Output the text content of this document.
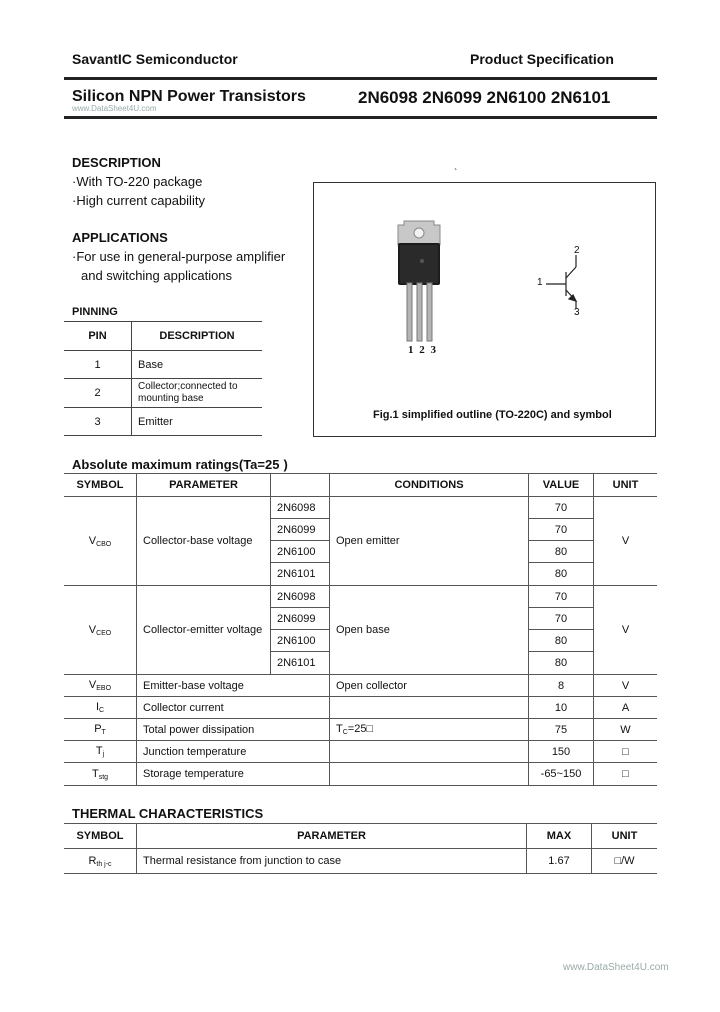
SavantIC Semiconductor	Product Specification
Silicon NPN Power Transistors	2N6098 2N6099 2N6100 2N6101
www.DataSheet4U.com
DESCRIPTION
·With TO-220 package
·High current capability
APPLICATIONS
·For use in general-purpose amplifier
and switching applications
PINNING
PIN	DESCRIPTION
1	Base
2	Collector;connected to mounting base
3	Emitter
`
2
1
3
1 2 3
Fig.1 simplified outline (TO-220C) and symbol
Absolute maximum ratings(Ta=25 )
SYMBOL	PARAMETER		CONDITIONS	VALUE	UNIT
$V_{CBO}$	Collector-base voltage	2N6098	Open emitter	70	V
		2N6099		70	
		2N6100		80	
		2N6101		80	
$V_{CEO}$	Collector-emitter voltage	2N6098	Open base	70	V
		2N6099		70	
		2N6100		80	
		2N6101		80	
$V_{EBO}$	Emitter-base voltage		Open collector	8	V
$I_C$	Collector current			10	A
$P_T$	Total power dissipation		$T_C=25□$	75	W
$T_j$	Junction temperature			150	□
$T_{stg}$	Storage temperature			-65~150	□
THERMAL CHARACTERISTICS
SYMBOL	PARAMETER	MAX	UNIT
$R_{th j-c}$	Thermal resistance from junction to case	1.67	□/W
www.DataSheet4U.com
